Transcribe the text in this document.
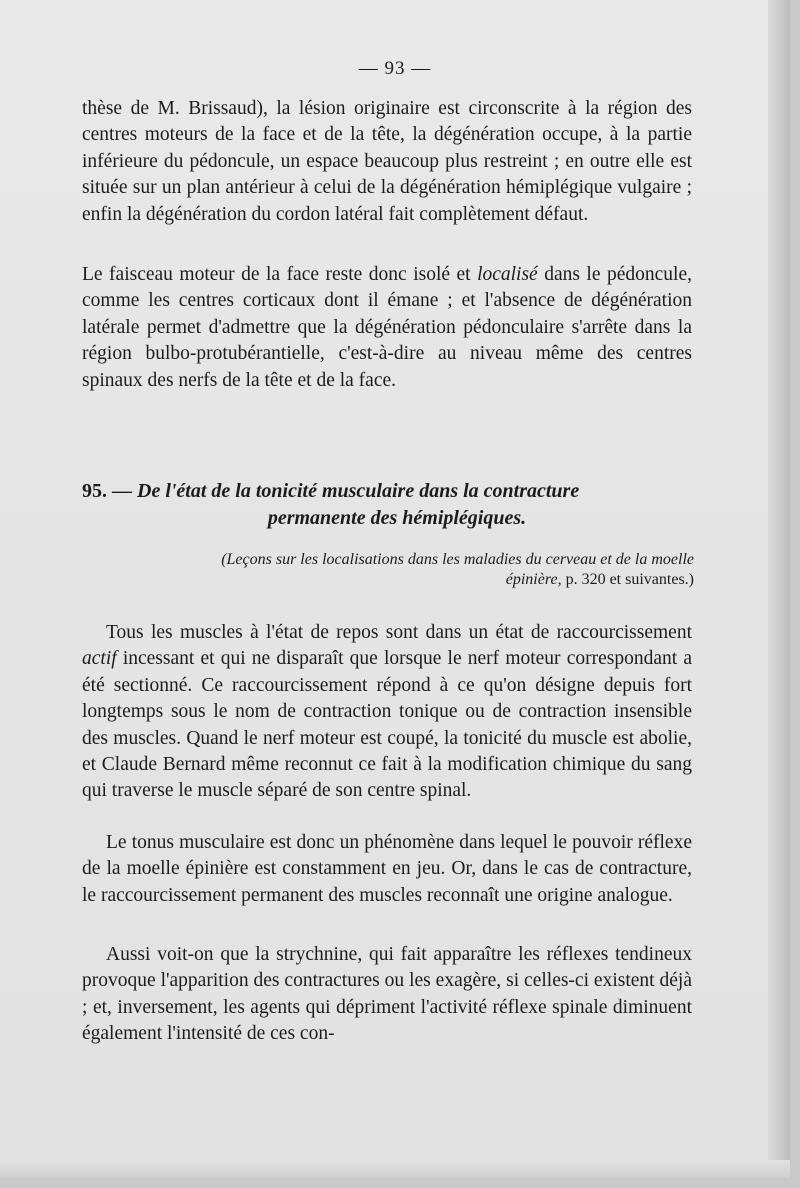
— 93 —
thèse de M. Brissaud), la lésion originaire est circonscrite à la région des centres moteurs de la face et de la tête, la dégénération occupe, à la partie inférieure du pédoncule, un espace beaucoup plus restreint ; en outre elle est située sur un plan antérieur à celui de la dégénération hémiplégique vulgaire ; enfin la dégénération du cordon latéral fait complètement défaut.
Le faisceau moteur de la face reste donc isolé et localisé dans le pédoncule, comme les centres corticaux dont il émane ; et l'absence de dégénération latérale permet d'admettre que la dégénération pédonculaire s'arrête dans la région bulbo-protubérantielle, c'est-à-dire au niveau même des centres spinaux des nerfs de la tête et de la face.
95. — De l'état de la tonicité musculaire dans la contracture
permanente des hémiplégiques.
(Leçons sur les localisations dans les maladies du cerveau et de la moelle
épinière, p. 320 et suivantes.)
Tous les muscles à l'état de repos sont dans un état de raccourcissement actif incessant et qui ne disparaît que lorsque le nerf moteur correspondant a été sectionné. Ce raccourcissement répond à ce qu'on désigne depuis fort longtemps sous le nom de contraction tonique ou de contraction insensible des muscles. Quand le nerf moteur est coupé, la tonicité du muscle est abolie, et Claude Bernard même reconnut ce fait à la modification chimique du sang qui traverse le muscle séparé de son centre spinal.
Le tonus musculaire est donc un phénomène dans lequel le pouvoir réflexe de la moelle épinière est constamment en jeu. Or, dans le cas de contracture, le raccourcissement permanent des muscles reconnaît une origine analogue.
Aussi voit-on que la strychnine, qui fait apparaître les réflexes tendineux provoque l'apparition des contractures ou les exagère, si celles-ci existent déjà ; et, inversement, les agents qui dépriment l'activité réflexe spinale diminuent également l'intensité de ces con-
